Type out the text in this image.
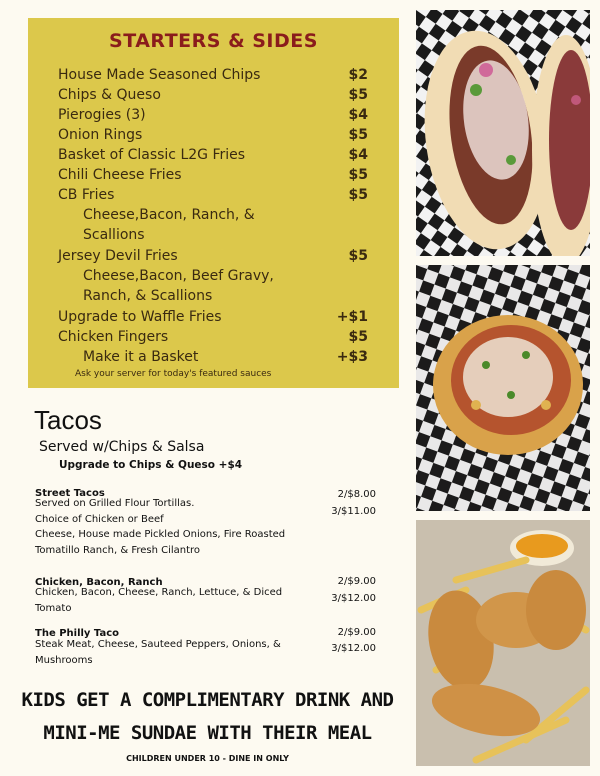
STARTERS & SIDES
House Made Seasoned Chips	$2
Chips & Queso	$5
Pierogies (3)	$4
Onion Rings	$5
Basket of Classic L2G Fries	$4
Chili Cheese Fries	$5
CB Fries	$5
Cheese,Bacon, Ranch, &
Scallions
Jersey Devil Fries	$5
Cheese,Bacon, Beef Gravy,
Ranch, & Scallions
Upgrade to Waffle Fries	+$1
Chicken Fingers	$5
Make it a Basket	+$3
Ask your server for today's featured sauces
Tacos
Served w/Chips & Salsa
Upgrade to Chips & Queso +$4
Street Tacos
Served on Grilled Flour Tortillas.
Choice of Chicken or Beef
Cheese, House made Pickled Onions, Fire Roasted
Tomatillo Ranch, & Fresh Cilantro
2/$8.00
3/$11.00
Chicken, Bacon, Ranch
Chicken, Bacon, Cheese, Ranch, Lettuce, & Diced
Tomato
2/$9.00
3/$12.00
The Philly Taco
Steak Meat, Cheese, Sauteed Peppers, Onions, &
Mushrooms
2/$9.00
3/$12.00
KIDS GET A COMPLIMENTARY DRINK AND
MINI-ME SUNDAE WITH THEIR MEAL
CHILDREN UNDER 10 - DINE IN ONLY
